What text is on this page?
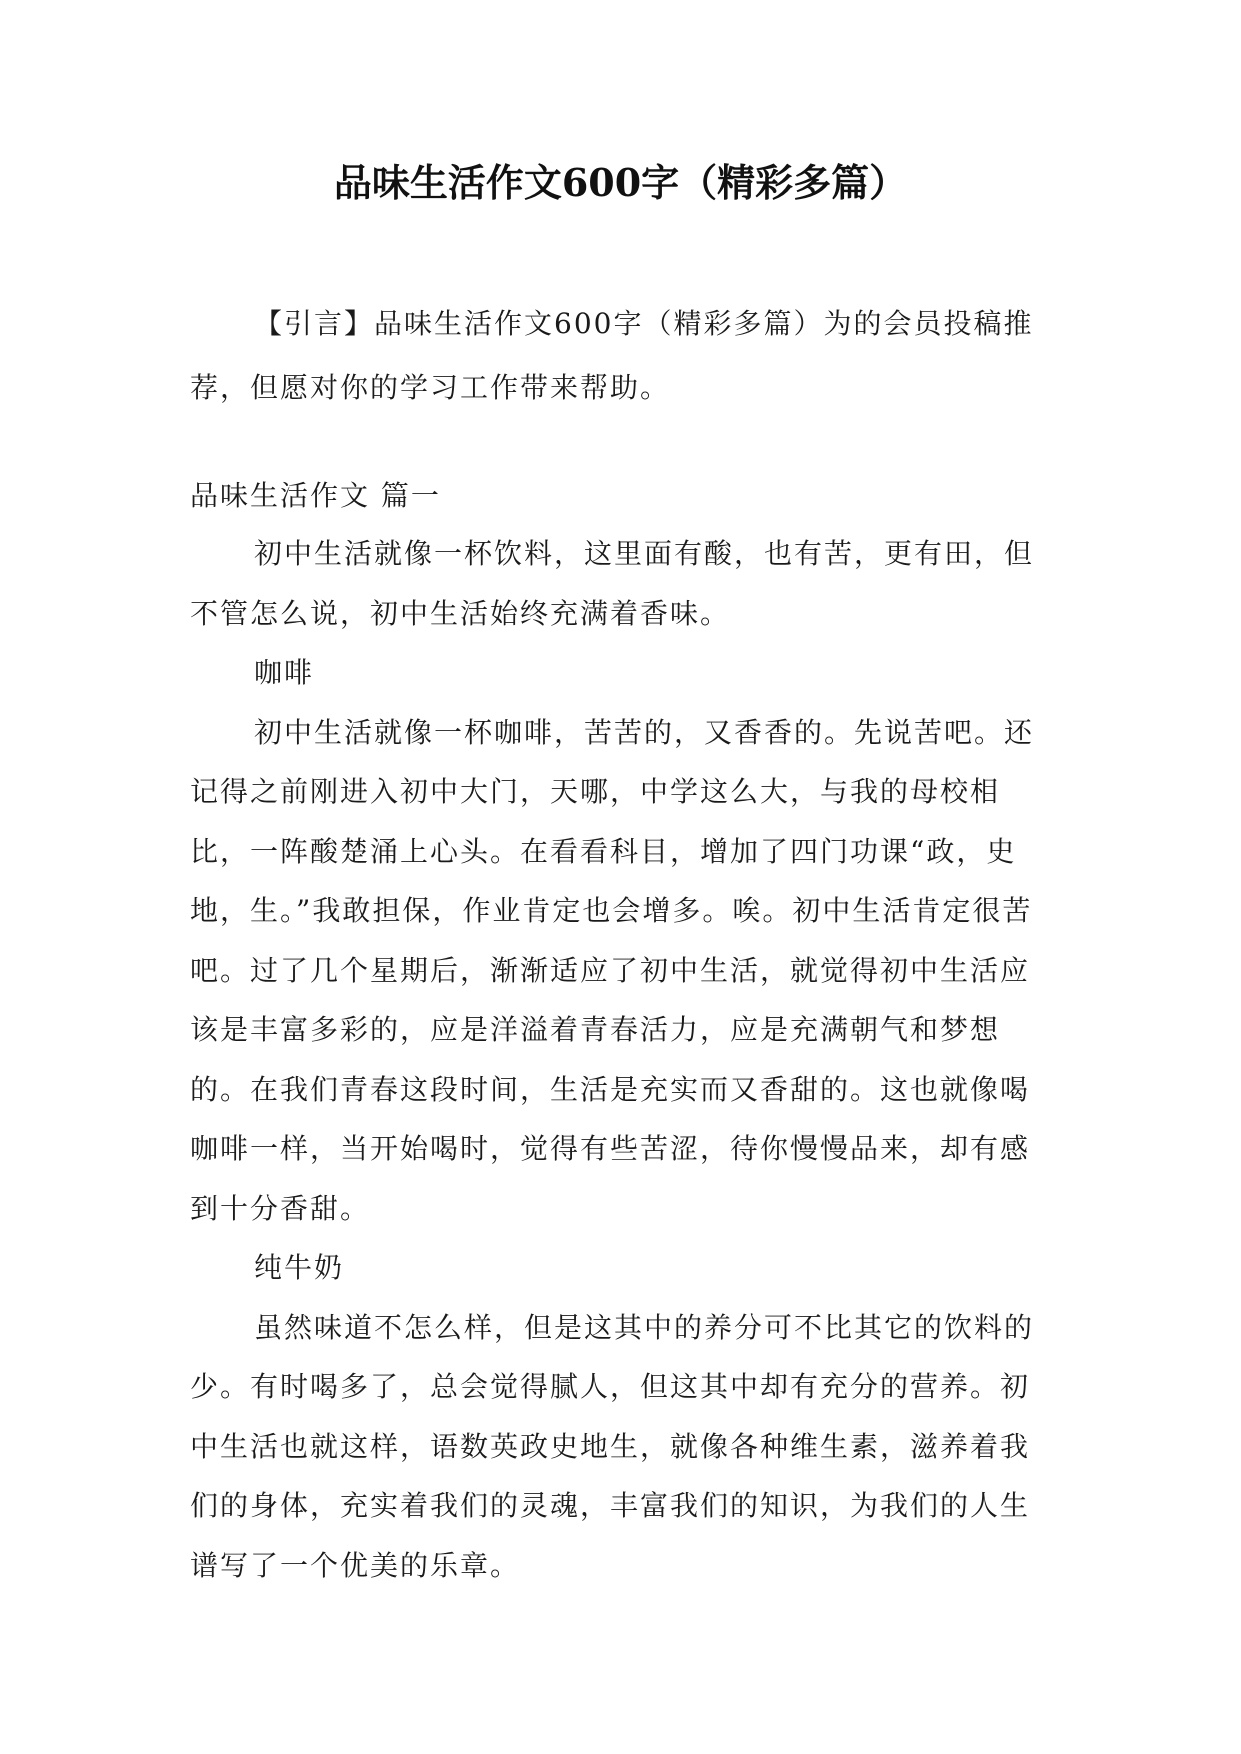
品味生活作文600字（精彩多篇）

【引言】品味生活作文600字（精彩多篇）为的会员投稿推荐，但愿对你的学习工作带来帮助。

品味生活作文 篇一

初中生活就像一杯饮料，这里面有酸，也有苦，更有田，但不管怎么说，初中生活始终充满着香味。

咖啡

初中生活就像一杯咖啡，苦苦的，又香香的。先说苦吧。还记得之前刚进入初中大门，天哪，中学这么大，与我的母校相比，一阵酸楚涌上心头。在看看科目，增加了四门功课“政，史地，生。”我敢担保，作业肯定也会增多。唉。初中生活肯定很苦吧。过了几个星期后，渐渐适应了初中生活，就觉得初中生活应该是丰富多彩的，应是洋溢着青春活力，应是充满朝气和梦想的。在我们青春这段时间，生活是充实而又香甜的。这也就像喝咖啡一样，当开始喝时，觉得有些苦涩，待你慢慢品来，却有感到十分香甜。

纯牛奶

虽然味道不怎么样，但是这其中的养分可不比其它的饮料的少。有时喝多了，总会觉得腻人，但这其中却有充分的营养。初中生活也就这样，语数英政史地生，就像各种维生素，滋养着我们的身体，充实着我们的灵魂，丰富我们的知识，为我们的人生谱写了一个优美的乐章。
